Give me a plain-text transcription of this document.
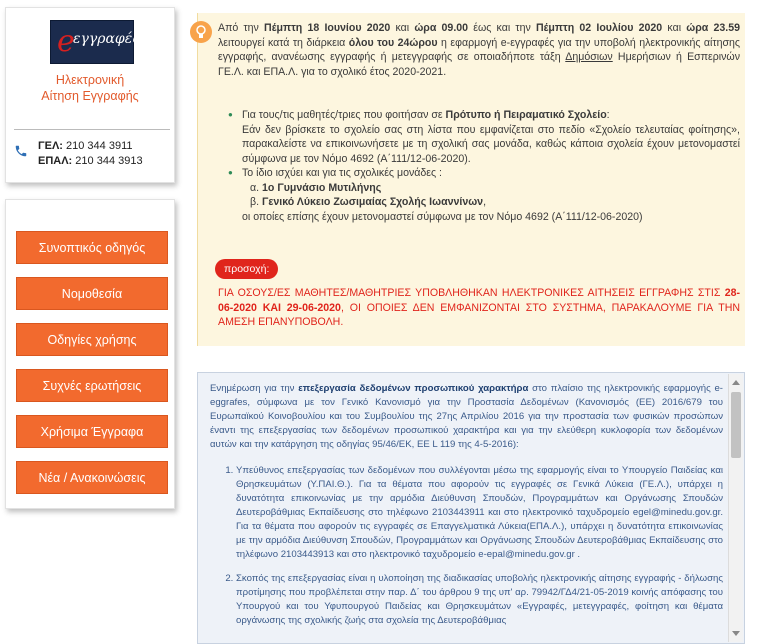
e
εγγραφές
Ηλεκτρονική
Αίτηση Εγγραφής
ΓΕΛ: 210 344 3911
ΕΠΑΛ: 210 344 3913
Συνοπτικός οδηγός
Νομοθεσία
Οδηγίες χρήσης
Συχνές ερωτήσεις
Χρήσιμα Έγγραφα
Νέα / Ανακοινώσεις

Από την Πέμπτη 18 Ιουνίου 2020 και ώρα 09.00 έως και την Πέμπτη 02 Ιουλίου 2020 και ώρα 23.59 λειτουργεί κατά τη διάρκεια όλου του 24ώρου η εφαρμογή e-εγγραφές για την υποβολή ηλεκτρονικής αίτησης εγγραφής, ανανέωσης εγγραφής ή μετεγγραφής σε οποιαδήποτε τάξη Δημόσιων Ημερήσιων ή Εσπερινών ΓΕ.Λ. και ΕΠΑ.Λ. για το σχολικό έτος 2020-2021.

● Για τους/τις μαθητές/τριες που φοιτήσαν σε Πρότυπο ή Πειραματικό Σχολείο:
Εάν δεν βρίσκετε το σχολείο σας στη λίστα που εμφανίζεται στο πεδίο «Σχολείο τελευταίας φοίτησης», παρακαλείστε να επικοινωνήσετε με τη σχολική σας μονάδα, καθώς κάποια σχολεία έχουν μετονομαστεί σύμφωνα με τον Νόμο 4692 (Α΄111/12-06-2020).
● Το ίδιο ισχύει και για τις σχολικές μονάδες :
α. 1ο Γυμνάσιο Μυτιλήνης
β. Γενικό Λύκειο Ζωσιμαίας Σχολής Ιωαννίνων,
οι οποίες επίσης έχουν μετονομαστεί σύμφωνα με τον Νόμο 4692 (Α΄111/12-06-2020)
προσοχή:

ΓΙΑ ΟΣΟΥΣ/ΕΣ ΜΑΘΗΤΕΣ/ΜΑΘΗΤΡΙΕΣ ΥΠΟΒΛΗΘΗΚΑΝ ΗΛΕΚΤΡΟΝΙΚΕΣ ΑΙΤΗΣΕΙΣ ΕΓΓΡΑΦΗΣ ΣΤΙΣ 28-06-2020 ΚΑΙ 29-06-2020, ΟΙ ΟΠΟΙΕΣ ΔΕΝ ΕΜΦΑΝΙΖΟΝΤΑΙ ΣΤΟ ΣΥΣΤΗΜΑ, ΠΑΡΑΚΑΛΟΥΜΕ ΓΙΑ ΤΗΝ ΑΜΕΣΗ ΕΠΑΝΥΠΟΒΟΛΗ.

Ενημέρωση για την επεξεργασία δεδομένων προσωπικού χαρακτήρα στο πλαίσιο της ηλεκτρονικής εφαρμογής e-eggrafes, σύμφωνα με τον Γενικό Κανονισμό για την Προστασία Δεδομένων (Κανονισμός (ΕΕ) 2016/679 του Ευρωπαϊκού Κοινοβουλίου και του Συμβουλίου της 27ης Απριλίου 2016 για την προστασία των φυσικών προσώπων έναντι της επεξεργασίας των δεδομένων προσωπικού χαρακτήρα και για την ελεύθερη κυκλοφορία των δεδομένων αυτών και την κατάργηση της οδηγίας 95/46/ΕΚ, ΕΕ L 119 της 4-5-2016):

1. Υπεύθυνος επεξεργασίας των δεδομένων που συλλέγονται μέσω της εφαρμογής είναι το Υπουργείο Παιδείας και Θρησκευμάτων (Υ.ΠΑΙ.Θ.). Για τα θέματα που αφορούν τις εγγραφές σε Γενικά Λύκεια (ΓΕ.Λ.), υπάρχει η δυνατότητα επικοινωνίας με την αρμόδια Διεύθυνση Σπουδών, Προγραμμάτων και Οργάνωσης Σπουδών Δευτεροβάθμιας Εκπαίδευσης στο τηλέφωνο 2103443911 και στο ηλεκτρονικό ταχυδρομείο egel@minedu.gov.gr. Για τα θέματα που αφορούν τις εγγραφές σε Επαγγελματικά Λύκεια(ΕΠΑ.Λ.), υπάρχει η δυνατότητα επικοινωνίας με την αρμόδια Διεύθυνση Σπουδών, Προγραμμάτων και Οργάνωσης Σπουδών Δευτεροβάθμιας Εκπαίδευσης στο τηλέφωνο 2103443913 και στο ηλεκτρονικό ταχυδρομείο e-epal@minedu.gov.gr .
2. Σκοπός της επεξεργασίας είναι η υλοποίηση της διαδικασίας υποβολής ηλεκτρονικής αίτησης εγγραφής - δήλωσης προτίμησης που προβλέπεται στην παρ. Δ΄ του άρθρου 9 της υπ' αρ. 79942/ΓΔ4/21-05-2019 κοινής απόφασης του Υπουργού και του Υφυπουργού Παιδείας και Θρησκευμάτων «Εγγραφές, μετεγγραφές, φοίτηση και θέματα οργάνωσης της σχολικής ζωής στα σχολεία της Δευτεροβάθμιας
